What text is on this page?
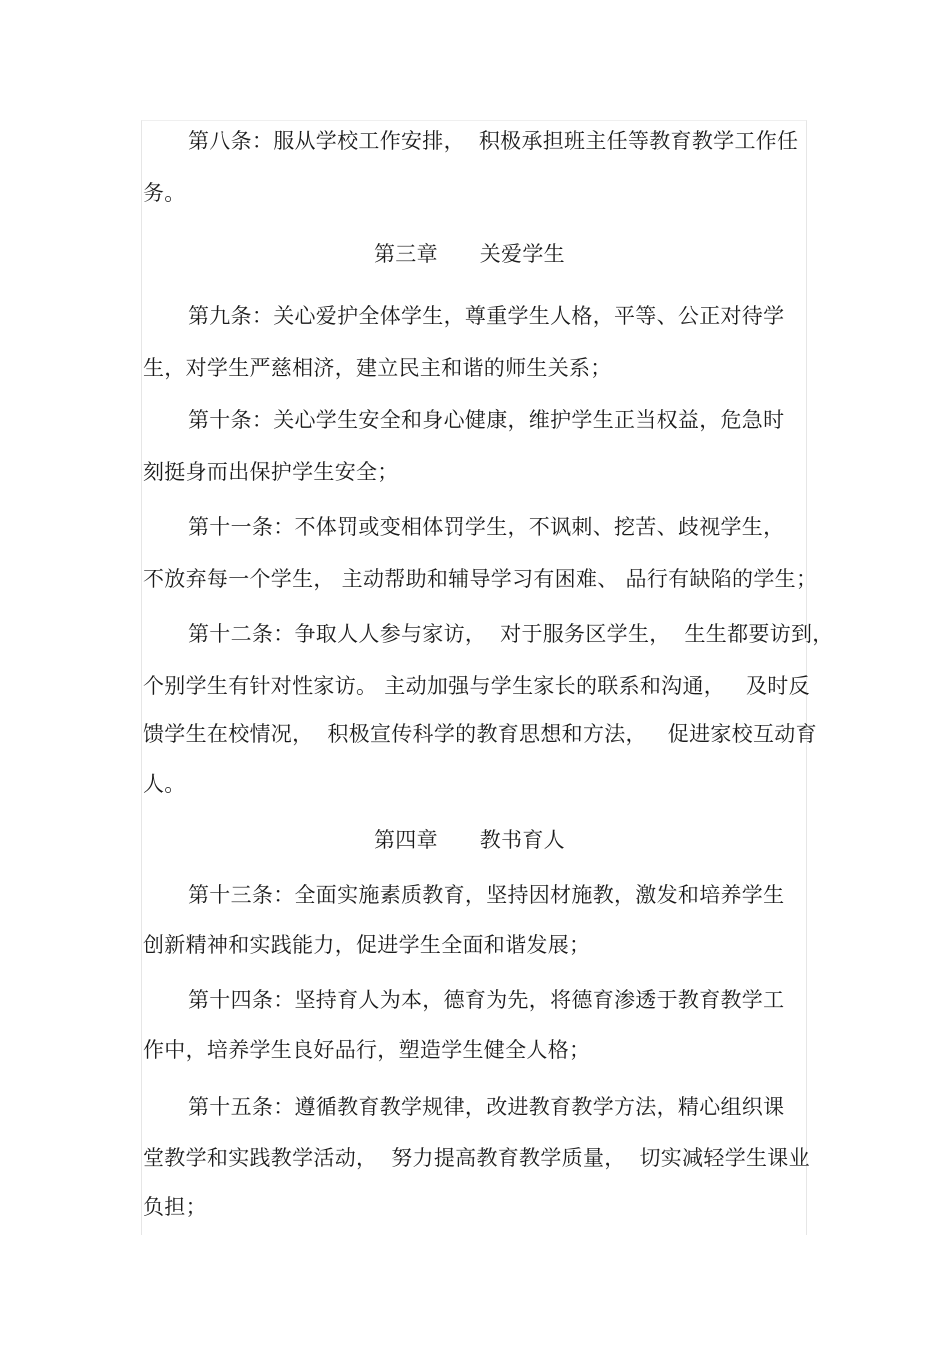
第八条：服从学校工作安排，  积极承担班主任等教育教学工作任
务。
第三章      关爱学生
第九条：关心爱护全体学生，尊重学生人格，平等、公正对待学
生，对学生严慈相济，建立民主和谐的师生关系；
第十条：关心学生安全和身心健康，维护学生正当权益，危急时
刻挺身而出保护学生安全；
第十一条：不体罚或变相体罚学生，不讽刺、挖苦、歧视学生，
不放弃每一个学生， 主动帮助和辅导学习有困难、 品行有缺陷的学生；
第十二条：争取人人参与家访，  对于服务区学生，  生生都要访到，
个别学生有针对性家访。 主动加强与学生家长的联系和沟通，   及时反
馈学生在校情况，  积极宣传科学的教育思想和方法，   促进家校互动育
人。
第四章      教书育人
第十三条：全面实施素质教育，坚持因材施教，激发和培养学生
创新精神和实践能力，促进学生全面和谐发展；
第十四条：坚持育人为本，德育为先，将德育渗透于教育教学工
作中，培养学生良好品行，塑造学生健全人格；
第十五条：遵循教育教学规律，改进教育教学方法，精心组织课
堂教学和实践教学活动，  努力提高教育教学质量，  切实减轻学生课业
负担；
